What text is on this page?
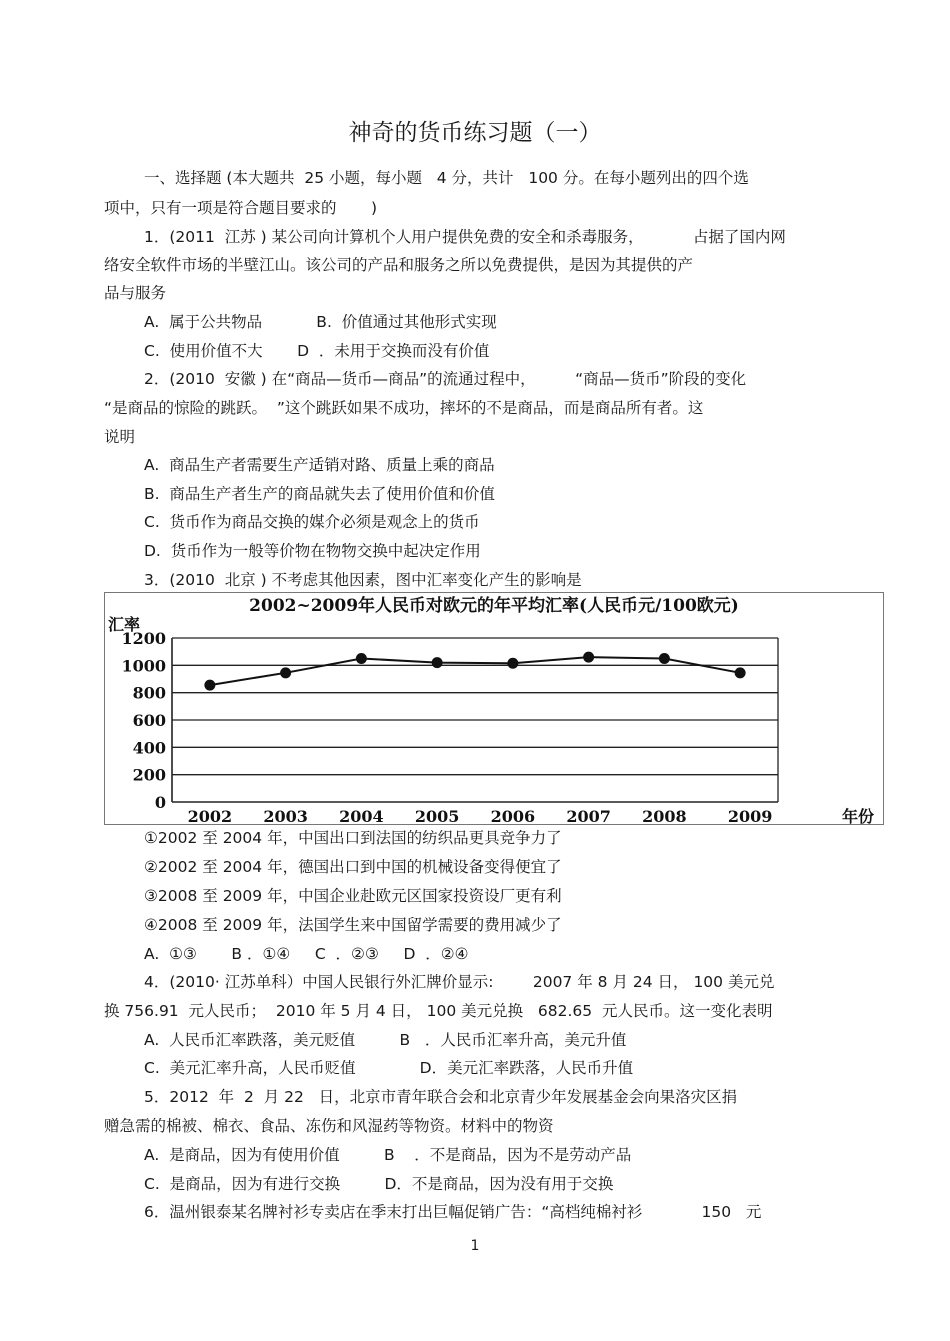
神奇的货币练习题（一）
一、选择题 (本大题共  25 小题，每小题   4 分，共计   100 分。在每小题列出的四个选
项中，只有一项是符合题目要求的       )
1．(2011  江苏 ) 某公司向计算机个人用户提供免费的安全和杀毒服务，          占据了国内网
络安全软件市场的半壁江山。该公司的产品和服务之所以免费提供，是因为其提供的产
品与服务
A.  属于公共物品           B.  价值通过其他形式实现
C.  使用价值不大       D  ．未用于交换而没有价值
2．(2010  安徽 ) 在“商品—货币—商品”的流通过程中，        “商品—货币”阶段的变化
“是商品的惊险的跳跃。  ”这个跳跃如果不成功，摔坏的不是商品，而是商品所有者。这
说明
A.  商品生产者需要生产适销对路、质量上乘的商品
B.  商品生产者生产的商品就失去了使用价值和价值
C.  货币作为商品交换的媒介必须是观念上的货币
D.  货币作为一般等价物在物物交换中起决定作用
3．(2010  北京 ) 不考虑其他因素，图中汇率变化产生的影响是
①2002 至 2004 年，中国出口到法国的纺织品更具竞争力了
②2002 至 2004 年，德国出口到中国的机械设备变得便宜了
③2008 至 2009 年，中国企业赴欧元区国家投资设厂更有利
④2008 至 2009 年，法国学生来中国留学需要的费用减少了
A.  ①③       B ．①④     C  ．②③     D  ．②④
4．(2010· 江苏单科）中国人民银行外汇牌价显示:        2007 年 8 月 24 日， 100 美元兑
换 756.91  元人民币；  2010 年 5 月 4 日， 100 美元兑换   682.65  元人民币。这一变化表明
A.  人民币汇率跌落，美元贬值         B   ．人民币汇率升高，美元升值
C.  美元汇率升高，人民币贬值             D．美元汇率跌落，人民币升值
5．2012  年  2  月 22   日，北京市青年联合会和北京青少年发展基金会向果洛灾区捐
赠急需的棉被、棉衣、食品、冻伤和风湿药等物资。材料中的物资
A.  是商品，因为有使用价值         B    ．不是商品，因为不是劳动产品
C.  是商品，因为有进行交换         D．不是商品，因为没有用于交换
6．温州银泰某名牌衬衫专卖店在季末打出巨幅促销广告：“高档纯棉衬衫            150   元
2002~2009年人民币对欧元的年平均汇率(人民币元/100欧元)
汇率
0
200
400
600
800
1000
1200
2002 2003 2004 2005 2006 2007 2008	2009	年份
1
